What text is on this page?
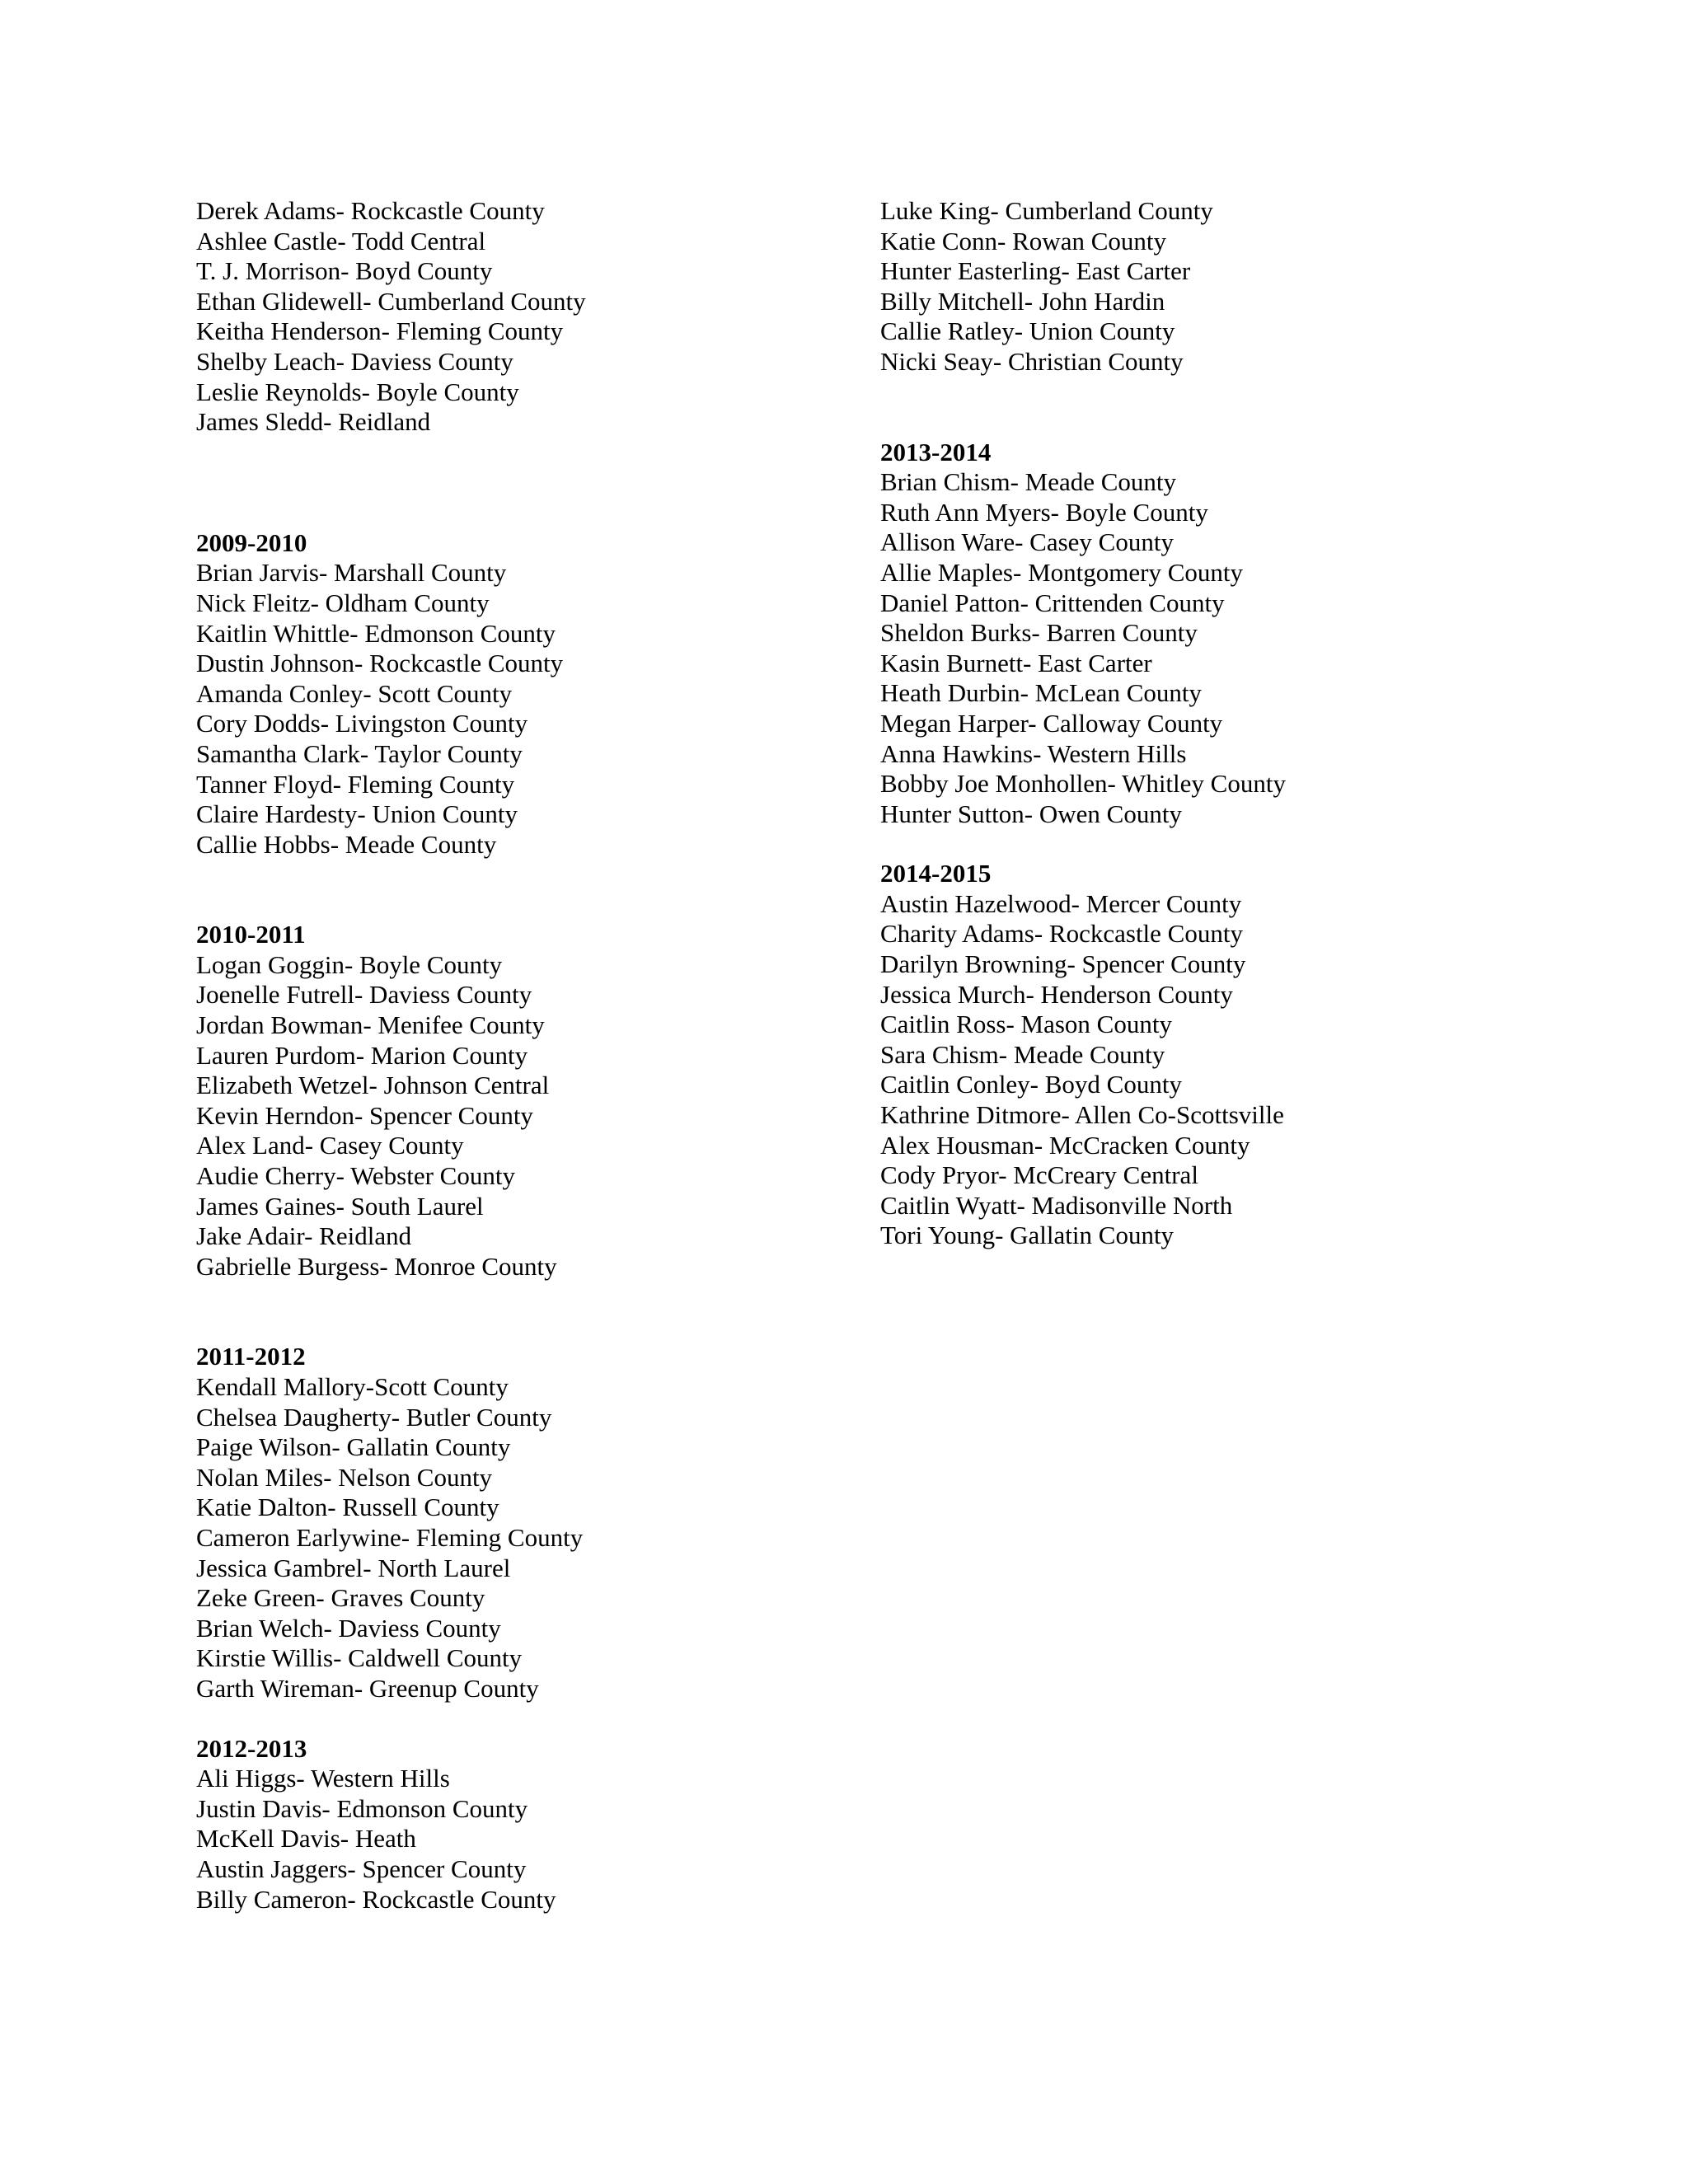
Derek Adams- Rockcastle County
Ashlee Castle- Todd Central
T. J. Morrison- Boyd County
Ethan Glidewell- Cumberland County
Keitha Henderson- Fleming County
Shelby Leach- Daviess County
Leslie Reynolds- Boyle County
James Sledd- Reidland
2009-2010
Brian Jarvis- Marshall County
Nick Fleitz- Oldham County
Kaitlin Whittle- Edmonson County
Dustin Johnson- Rockcastle County
Amanda Conley- Scott County
Cory Dodds- Livingston County
Samantha Clark- Taylor County
Tanner Floyd- Fleming County
Claire Hardesty- Union County
Callie Hobbs- Meade County
2010-2011
Logan Goggin- Boyle County
Joenelle Futrell- Daviess County
Jordan Bowman- Menifee County
Lauren Purdom- Marion County
Elizabeth Wetzel- Johnson Central
Kevin Herndon- Spencer County
Alex Land- Casey County
Audie Cherry- Webster County
James Gaines- South Laurel
Jake Adair- Reidland
Gabrielle Burgess- Monroe County
2011-2012
Kendall Mallory-Scott County
Chelsea Daugherty- Butler County
Paige Wilson- Gallatin County
Nolan Miles- Nelson County
Katie Dalton- Russell County
Cameron Earlywine- Fleming County
Jessica Gambrel- North Laurel
Zeke Green- Graves County
Brian Welch- Daviess County
Kirstie Willis- Caldwell County
Garth Wireman- Greenup County
2012-2013
Ali Higgs- Western Hills
Justin Davis- Edmonson County
McKell Davis- Heath
Austin Jaggers- Spencer County
Billy Cameron- Rockcastle County
Luke King- Cumberland County
Katie Conn- Rowan County
Hunter Easterling- East Carter
Billy Mitchell- John Hardin
Callie Ratley- Union County
Nicki Seay- Christian County
2013-2014
Brian Chism- Meade County
Ruth Ann Myers- Boyle County
Allison Ware- Casey County
Allie Maples- Montgomery County
Daniel Patton- Crittenden County
Sheldon Burks- Barren County
Kasin Burnett- East Carter
Heath Durbin- McLean County
Megan Harper- Calloway County
Anna Hawkins- Western Hills
Bobby Joe Monhollen- Whitley County
Hunter Sutton- Owen County
2014-2015
Austin Hazelwood- Mercer County
Charity Adams- Rockcastle County
Darilyn Browning- Spencer County
Jessica Murch- Henderson County
Caitlin Ross- Mason County
Sara Chism- Meade County
Caitlin Conley- Boyd County
Kathrine Ditmore- Allen Co-Scottsville
Alex Housman- McCracken County
Cody Pryor- McCreary Central
Caitlin Wyatt- Madisonville North
Tori Young- Gallatin County
